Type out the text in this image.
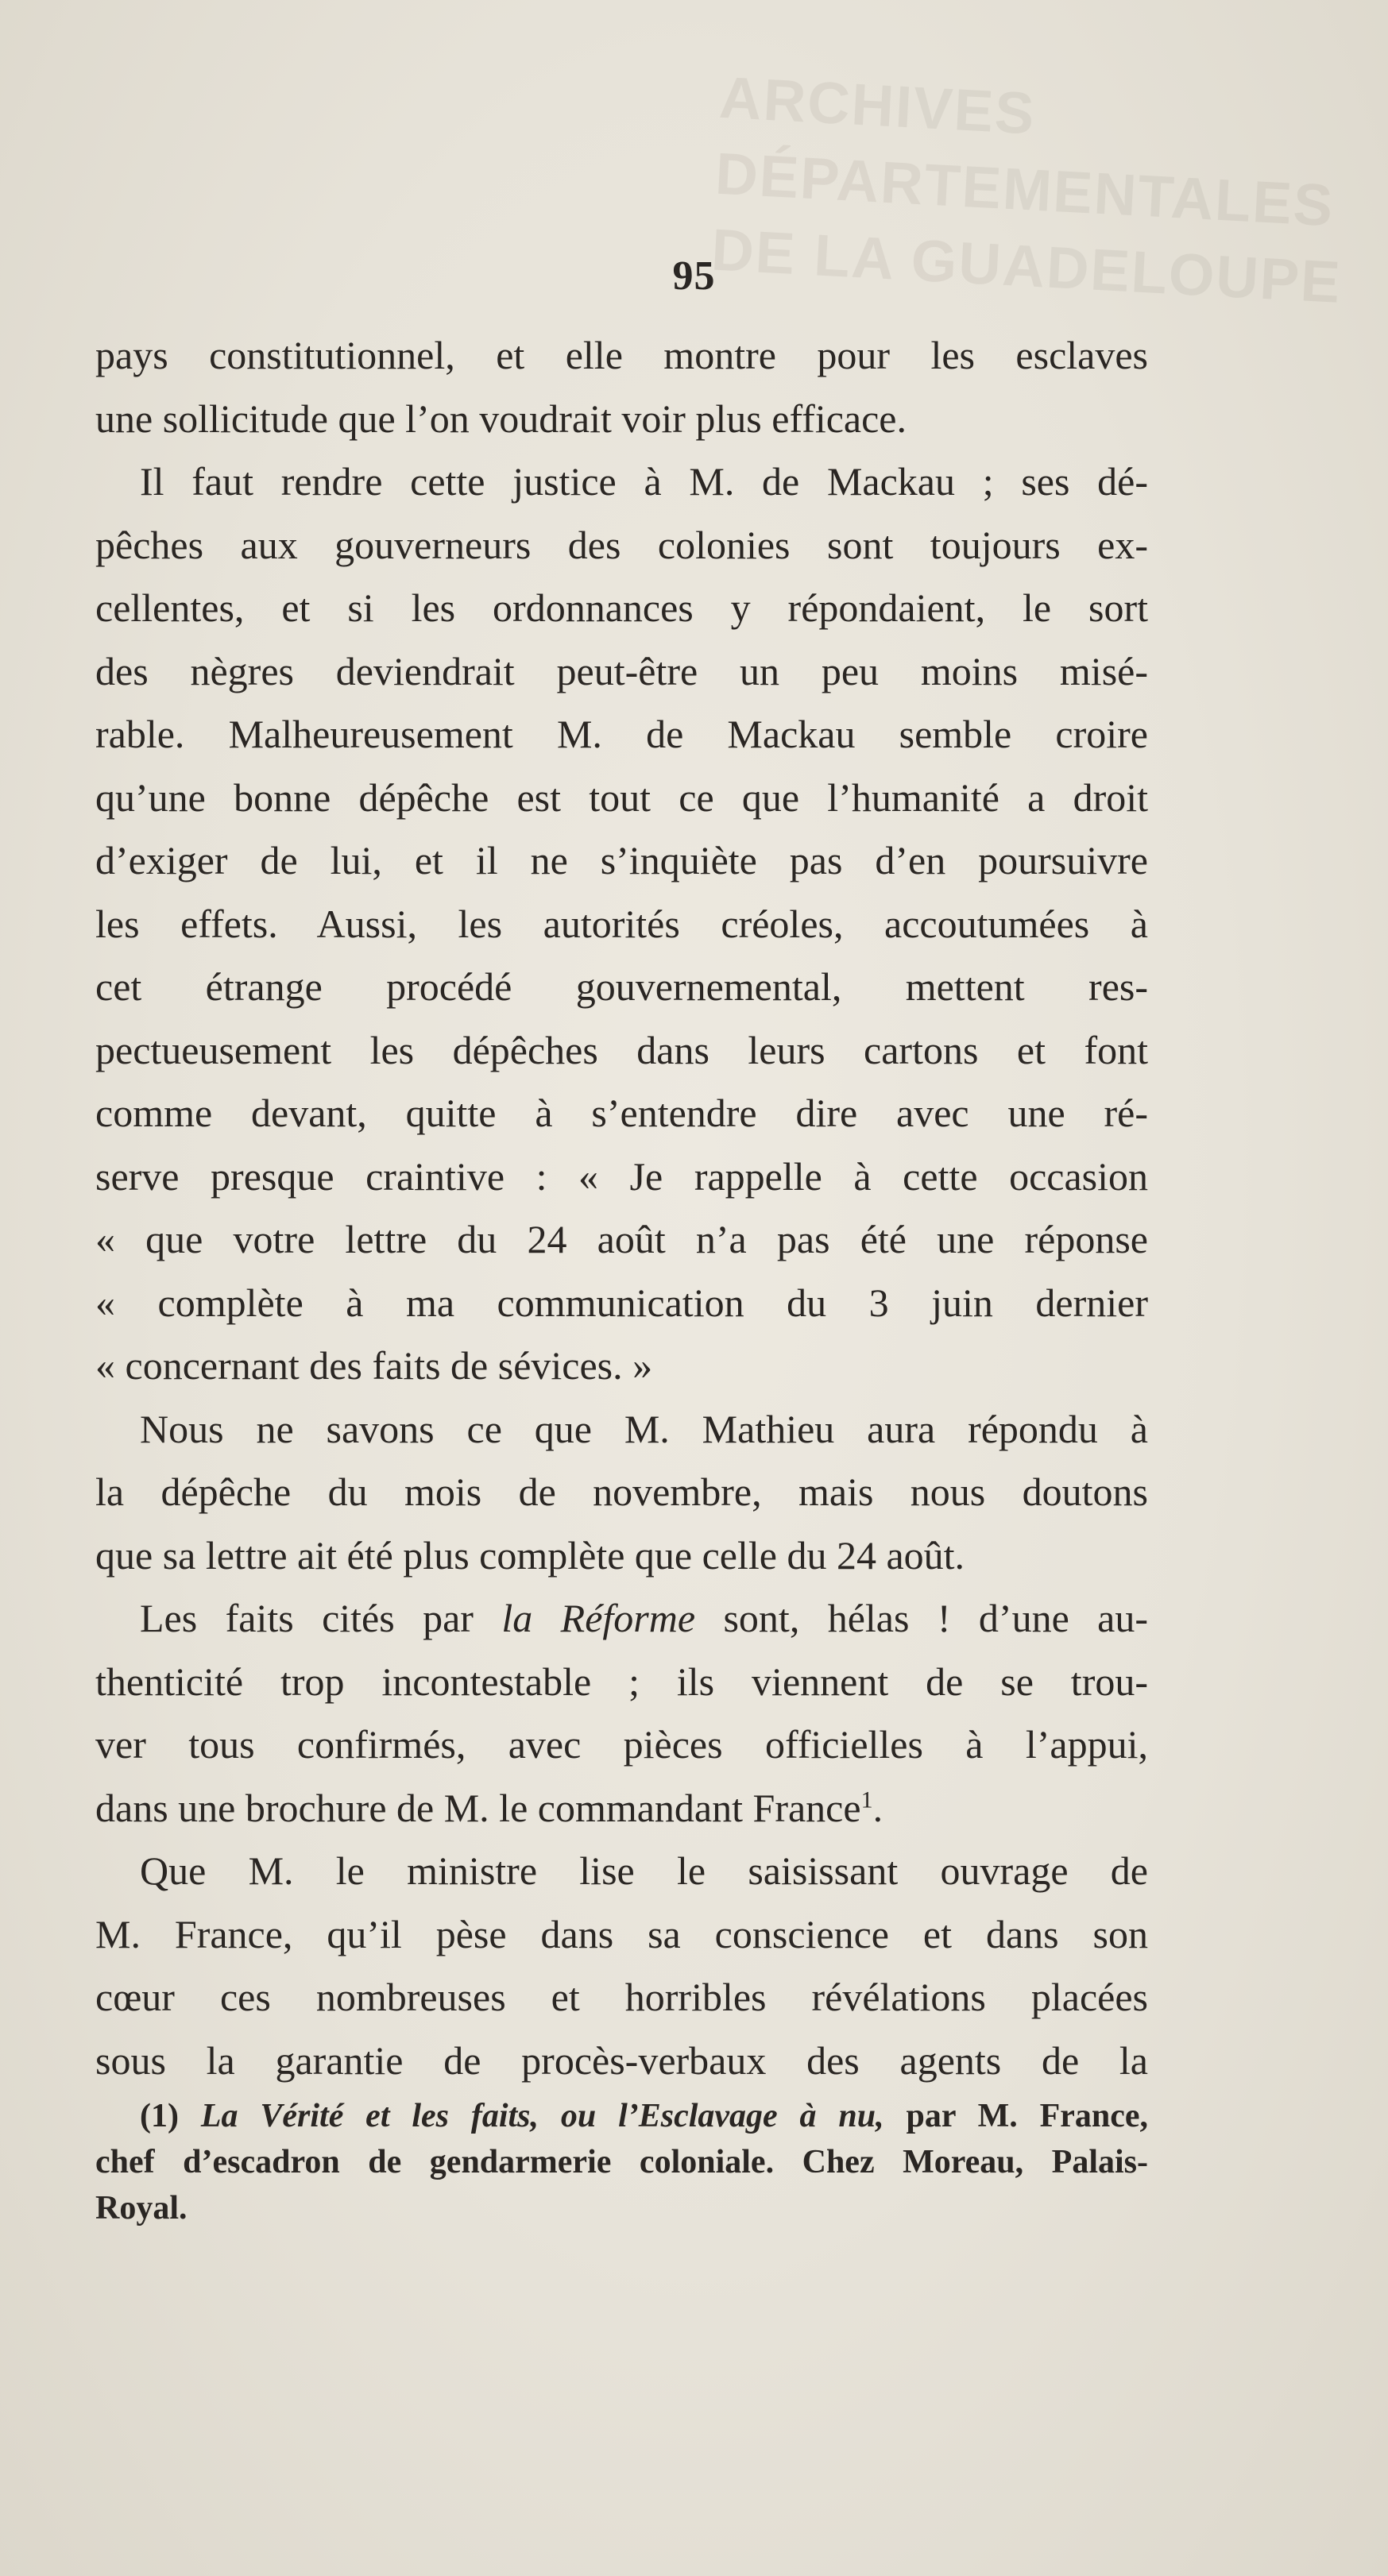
ARCHIVES
DÉPARTEMENTALES
DE LA GUADELOUPE
95
pays constitutionnel, et elle montre pour les esclaves
une sollicitude que l’on voudrait voir plus efficace.
Il faut rendre cette justice à M. de Mackau ; ses dé-
pêches aux gouverneurs des colonies sont toujours ex-
cellentes, et si les ordonnances y répondaient, le sort
des nègres deviendrait peut-être un peu moins misé-
rable. Malheureusement M. de Mackau semble croire
qu’une bonne dépêche est tout ce que l’humanité a droit
d’exiger de lui, et il ne s’inquiète pas d’en poursuivre
les effets. Aussi, les autorités créoles, accoutumées à
cet étrange procédé gouvernemental, mettent res-
pectueusement les dépêches dans leurs cartons et font
comme devant, quitte à s’entendre dire avec une ré-
serve presque craintive : « Je rappelle à cette occasion
« que votre lettre du 24 août n’a pas été une réponse
« complète à ma communication du 3 juin dernier
« concernant des faits de sévices. »
Nous ne savons ce que M. Mathieu aura répondu à
la dépêche du mois de novembre, mais nous doutons
que sa lettre ait été plus complète que celle du 24 août.
Les faits cités par la Réforme sont, hélas ! d’une au-
thenticité trop incontestable ; ils viennent de se trou-
ver tous confirmés, avec pièces officielles à l’appui,
dans une brochure de M. le commandant France$^1$.
Que M. le ministre lise le saisissant ouvrage de
M. France, qu’il pèse dans sa conscience et dans son
cœur ces nombreuses et horribles révélations placées
sous la garantie de procès-verbaux des agents de la
(1) La Vérité et les faits, ou l’Esclavage à nu, par M. France,
chef d’escadron de gendarmerie coloniale. Chez Moreau, Palais-
Royal.
